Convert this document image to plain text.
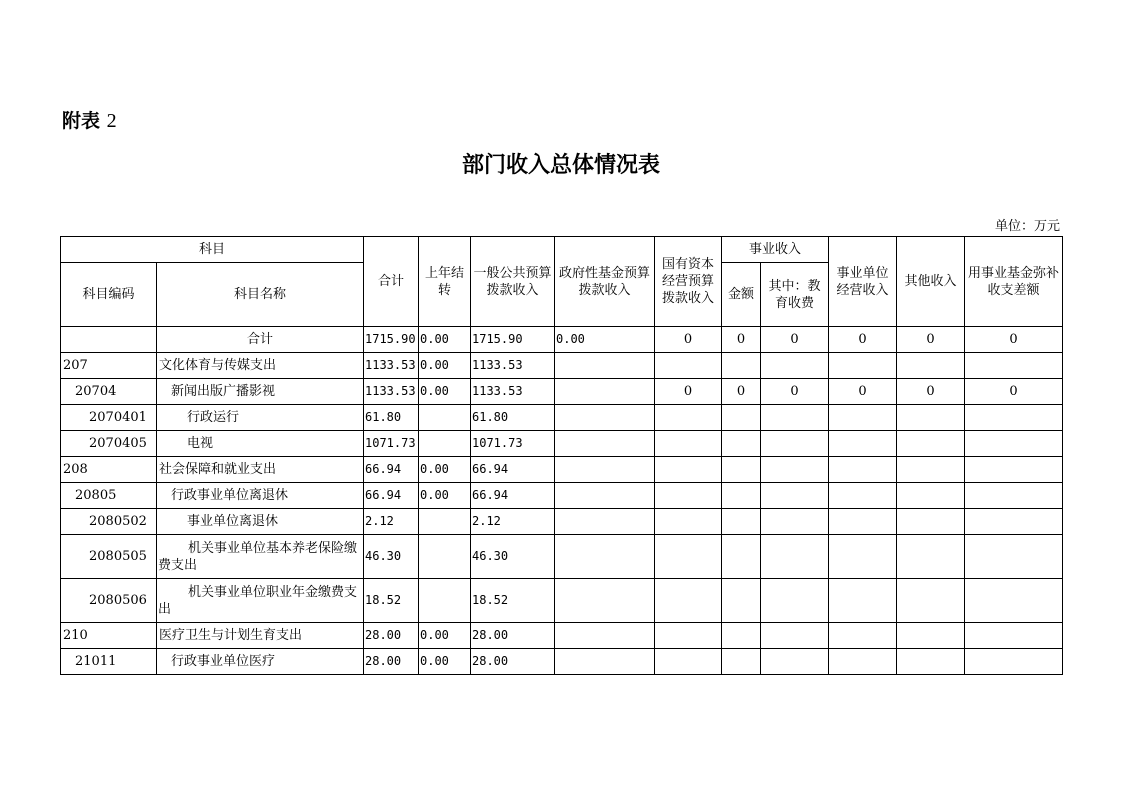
附表 2
部门收入总体情况表
单位：万元
科目		合计	上年结转	一般公共预算拨款收入	政府性基金预算拨款收入	国有资本经营预算拨款收入	事业收入		事业单位经营收入	其他收入	用事业基金弥补收支差额
科目编码	科目名称						金额	其中：教育收费			
	合计	1715.90	0.00	1715.90	0.00	0	0	0	0	0	0
207	文化体育与传媒支出	1133.53	0.00	1133.53							
20704	新闻出版广播影视	1133.53	0.00	1133.53		0	0	0	0	0	0
2070401	行政运行	61.80		61.80							
2070405	电视	1071.73		1071.73							
208	社会保障和就业支出	66.94	0.00	66.94							
20805	行政事业单位离退休	66.94	0.00	66.94							
2080502	事业单位离退休	2.12		2.12							
2080505	机关事业单位基本养老保险缴费支出	46.30		46.30							
2080506	机关事业单位职业年金缴费支出	18.52		18.52							
210	医疗卫生与计划生育支出	28.00	0.00	28.00							
21011	行政事业单位医疗	28.00	0.00	28.00							
